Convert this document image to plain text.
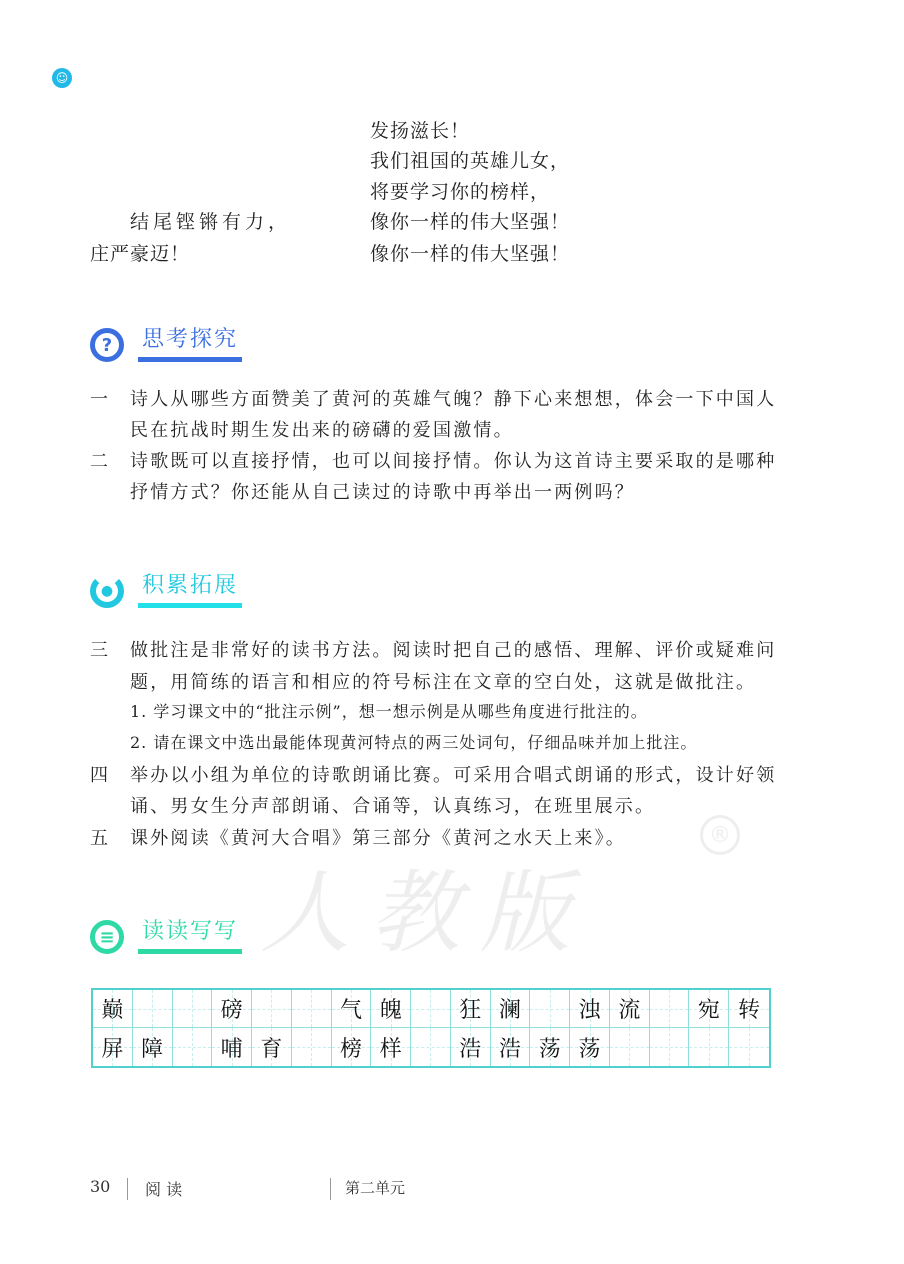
☺
人教版
®
发扬滋长！
我们祖国的英雄儿女，
将要学习你的榜样，
像你一样的伟大坚强！
像你一样的伟大坚强！
结尾铿锵有力，
庄严豪迈！
?	思考探究
一 诗人从哪些方面赞美了黄河的英雄气魄？静下心来想想，体会一下中国人
民在抗战时期生发出来的磅礴的爱国激情。
二 诗歌既可以直接抒情，也可以间接抒情。你认为这首诗主要采取的是哪种
抒情方式？你还能从自己读过的诗歌中再举出一两例吗？
●	积累拓展
三 做批注是非常好的读书方法。阅读时把自己的感悟、理解、评价或疑难问
题，用简练的语言和相应的符号标注在文章的空白处，这就是做批注。
1. 学习课文中的“批注示例”，想一想示例是从哪些角度进行批注的。
2. 请在课文中选出最能体现黄河特点的两三处词句，仔细品味并加上批注。
四 举办以小组为单位的诗歌朗诵比赛。可采用合唱式朗诵的形式，设计好领
诵、男女生分声部朗诵、合诵等，认真练习，在班里展示。
五 课外阅读《黄河大合唱》第三部分《黄河之水天上来》。
≡	读读写写
巅	磅	气 魄	狂 澜	浊 流	宛 转
屏 障	哺 育	榜 样	浩 浩 荡 荡
30 阅 读	第二单元
